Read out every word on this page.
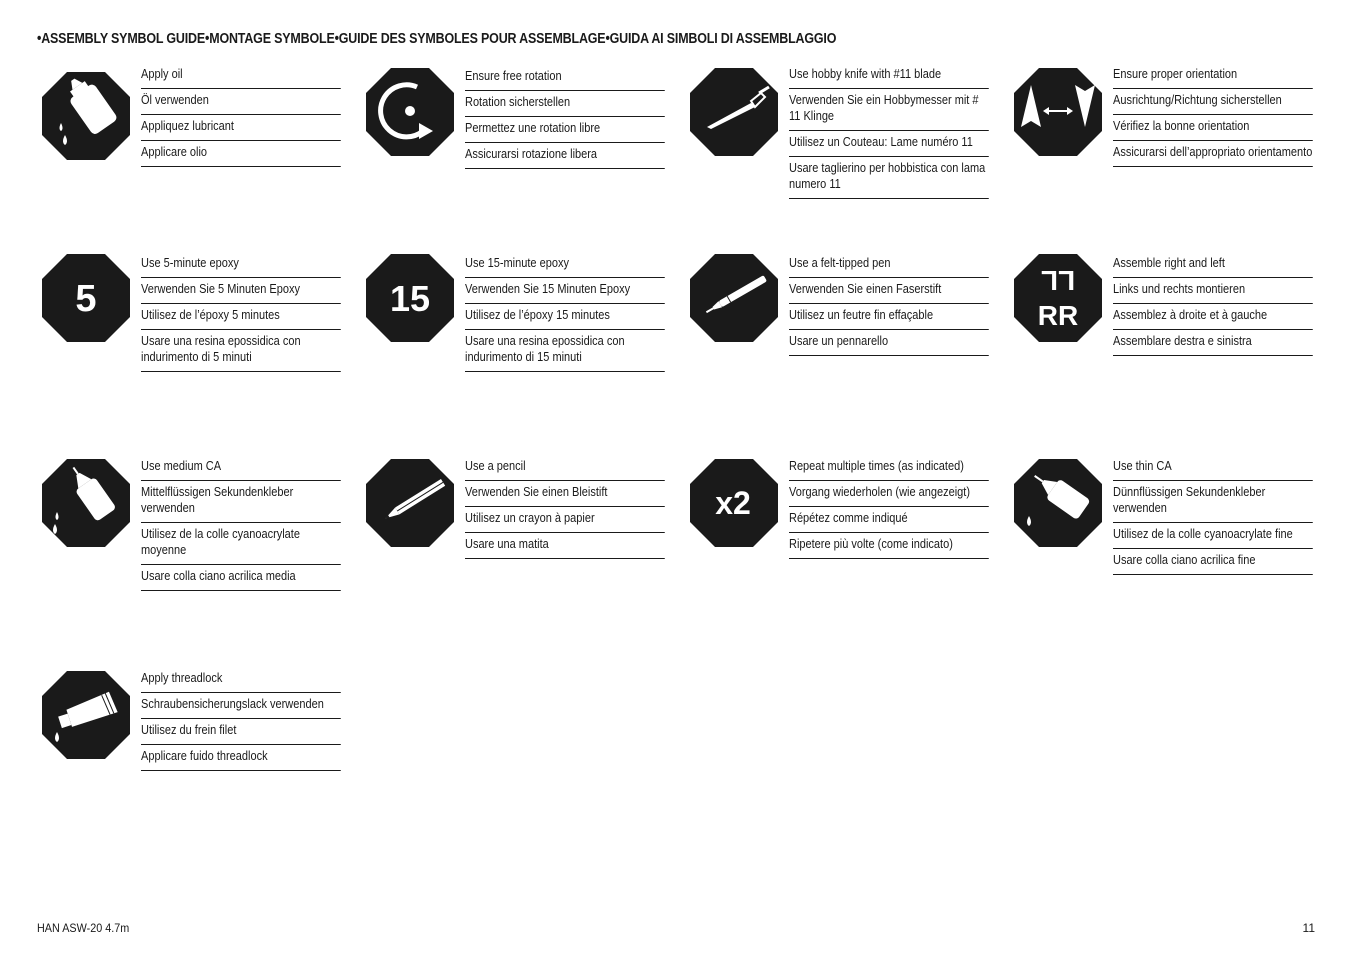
•ASSEMBLY SYMBOL GUIDE•MONTAGE SYMBOLE•GUIDE DES SYMBOLES POUR ASSEMBLAGE•GUIDA AI SIMBOLI DI ASSEMBLAGGIO
Apply oil
Öl verwenden
Appliquez lubricant
Applicare olio
Ensure free rotation
Rotation sicherstellen
Permettez une rotation libre
Assicurarsi rotazione libera
Use hobby knife with #11 blade
Verwenden Sie ein Hobbymesser mit # 11 Klinge
Utilisez un Couteau: Lame numéro 11
Usare taglierino per hobbistica con lama numero 11
Ensure proper orientation
Ausrichtung/Richtung sicherstellen
Vérifiez la bonne orientation
Assicurarsi dell’appropriato orientamento
5
Use 5-minute epoxy
Verwenden Sie 5 Minuten Epoxy
Utilisez de l’époxy 5 minutes
Usare una resina epossidica con indurimento di 5 minuti
15
Use 15-minute epoxy
Verwenden Sie 15 Minuten Epoxy
Utilisez de l’époxy 15 minutes
Usare una resina epossidica con indurimento di 15 minuti
Use a felt-tipped pen
Verwenden Sie einen Faserstift
Utilisez un feutre fin effaçable
Usare un pennarello
LL
RR
Assemble right and left
Links und rechts montieren
Assemblez à droite et à gauche
Assemblare destra e sinistra
Use medium CA
Mittelflüssigen Sekundenkleber verwenden
Utilisez de la colle cyanoacrylate moyenne
Usare colla ciano acrilica media
Use a pencil
Verwenden Sie einen Bleistift
Utilisez un crayon à papier
Usare una matita
x2
Repeat multiple times (as indicated)
Vorgang wiederholen (wie angezeigt)
Répétez comme indiqué
Ripetere più volte (come indicato)
Use thin CA
Dünnflüssigen Sekundenkleber verwenden
Utilisez de la colle cyanoacrylate fine
Usare colla ciano acrilica fine
Apply threadlock
Schraubensicherungslack verwenden
Utilisez du frein filet
Applicare fuido threadlock
HAN ASW-20 4.7m	11
